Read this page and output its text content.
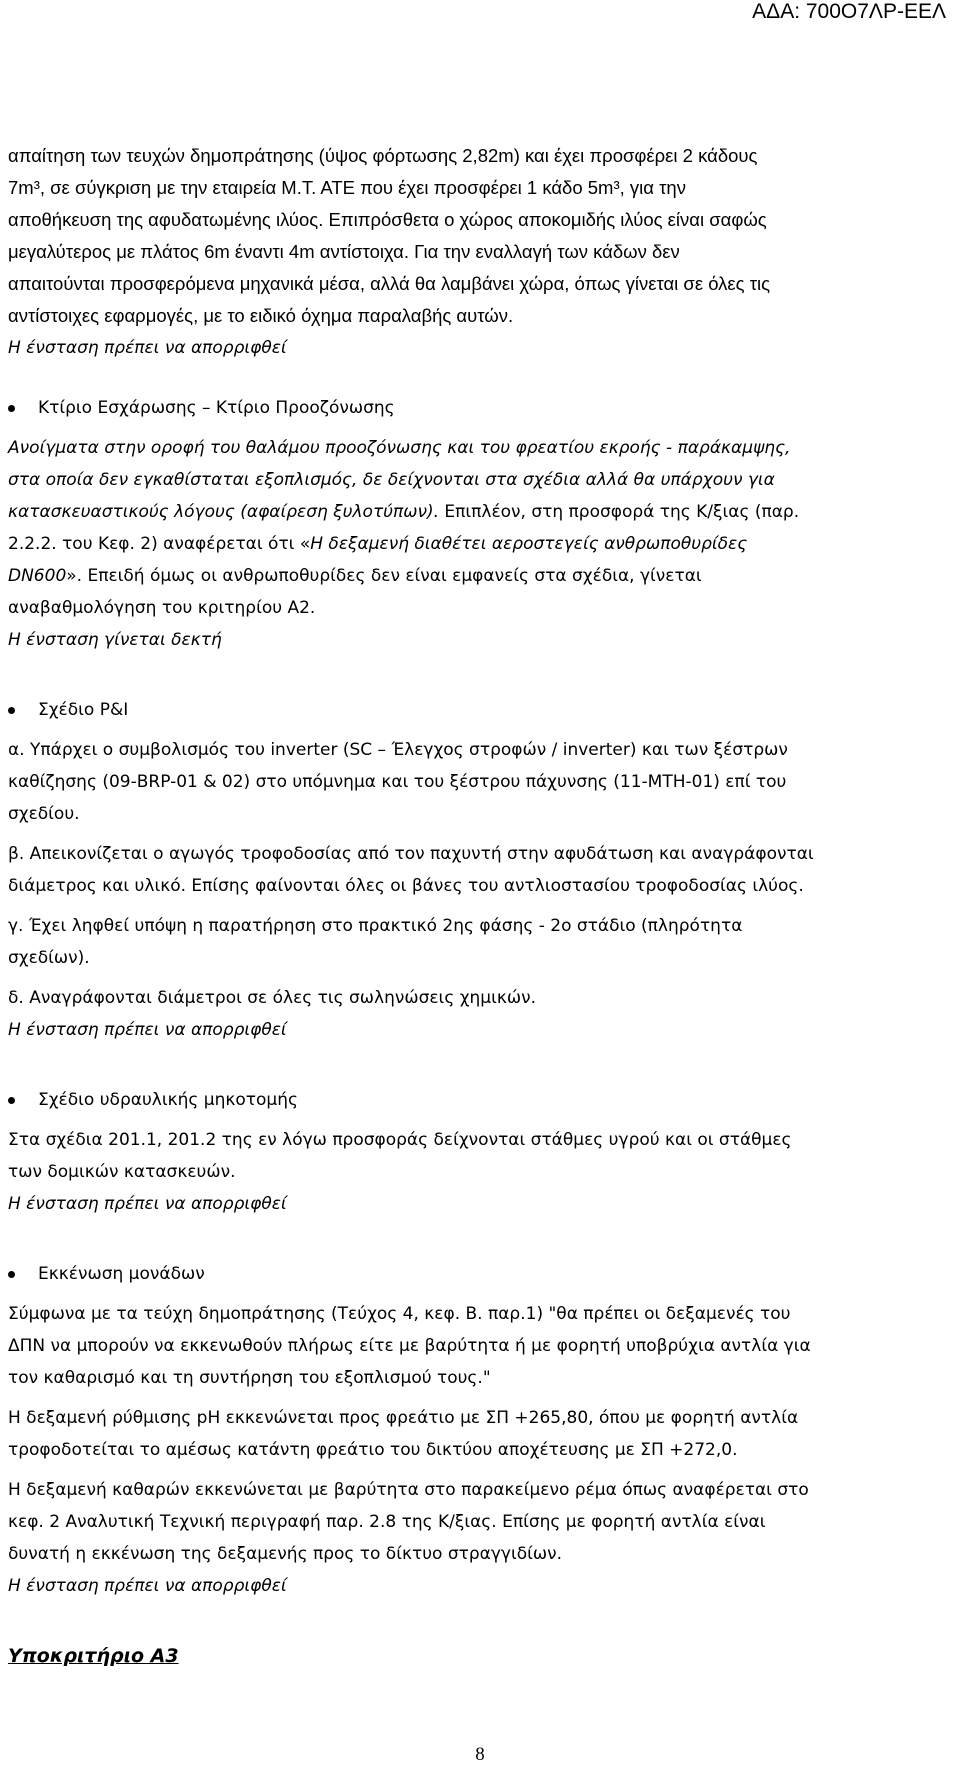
ΑΔΑ: 700Ο7ΛΡ-ΕΕΛ

απαίτηση των τευχών δημοπράτησης (ύψος φόρτωσης 2,82m) και έχει προσφέρει 2 κάδους

7m³, σε σύγκριση με την εταιρεία Μ.Τ. ΑΤΕ που έχει προσφέρει 1 κάδο 5m³, για την

αποθήκευση της αφυδατωμένης ιλύος. Επιπρόσθετα ο χώρος αποκομιδής ιλύος είναι σαφώς

μεγαλύτερος με πλάτος 6m έναντι 4m αντίστοιχα. Για την εναλλαγή των κάδων δεν

απαιτούνται προσφερόμενα μηχανικά μέσα, αλλά θα λαμβάνει χώρα, όπως γίνεται σε όλες τις

αντίστοιχες εφαρμογές, με το ειδικό όχημα παραλαβής αυτών.

Η ένσταση πρέπει να απορριφθεί

Κτίριο Εσχάρωσης – Κτίριο Προοζόνωσης

Ανοίγματα στην οροφή του θαλάμου προοζόνωσης και του φρεατίου εκροής - παράκαμψης,

στα οποία δεν εγκαθίσταται εξοπλισμός, δε δείχνονται στα σχέδια αλλά θα υπάρχουν για

κατασκευαστικούς λόγους (αφαίρεση ξυλοτύπων). Επιπλέον, στη προσφορά της Κ/ξιας (παρ.

2.2.2. του Κεφ. 2) αναφέρεται ότι «Η δεξαμενή διαθέτει αεροστεγείς ανθρωποθυρίδες

DN600». Επειδή όμως οι ανθρωποθυρίδες δεν είναι εμφανείς στα σχέδια, γίνεται

αναβαθμολόγηση του κριτηρίου Α2.

Η ένσταση γίνεται δεκτή

Σχέδιο P&I

α. Υπάρχει ο συμβολισμός του inverter (SC – Έλεγχος στροφών / inverter) και των ξέστρων

καθίζησης (09-BRP-01 & 02) στο υπόμνημα και του ξέστρου πάχυνσης (11-MTH-01) επί του

σχεδίου.

β. Απεικονίζεται ο αγωγός τροφοδοσίας από τον παχυντή στην αφυδάτωση και αναγράφονται

διάμετρος και υλικό. Επίσης φαίνονται όλες οι βάνες του αντλιοστασίου τροφοδοσίας ιλύος.

γ. Έχει ληφθεί υπόψη η παρατήρηση στο πρακτικό 2ης φάσης - 2ο στάδιο (πληρότητα

σχεδίων).

δ. Αναγράφονται διάμετροι σε όλες τις σωληνώσεις χημικών.

Η ένσταση πρέπει να απορριφθεί

Σχέδιο υδραυλικής μηκοτομής

Στα σχέδια 201.1, 201.2 της εν λόγω προσφοράς δείχνονται στάθμες υγρού και οι στάθμες

των δομικών κατασκευών.

Η ένσταση πρέπει να απορριφθεί

Εκκένωση μονάδων

Σύμφωνα με τα τεύχη δημοπράτησης (Τεύχος 4, κεφ. Β. παρ.1) "θα πρέπει οι δεξαμενές του

ΔΠΝ να μπορούν να εκκενωθούν πλήρως είτε με βαρύτητα ή με φορητή υποβρύχια αντλία για

τον καθαρισμό και τη συντήρηση του εξοπλισμού τους."

Η δεξαμενή ρύθμισης pH εκκενώνεται προς φρεάτιο με ΣΠ +265,80, όπου με φορητή αντλία

τροφοδοτείται το αμέσως κατάντη φρεάτιο του δικτύου αποχέτευσης με ΣΠ +272,0.

Η δεξαμενή καθαρών εκκενώνεται με βαρύτητα στο παρακείμενο ρέμα όπως αναφέρεται στο

κεφ. 2 Αναλυτική Τεχνική περιγραφή παρ. 2.8 της Κ/ξιας. Επίσης με φορητή αντλία είναι

δυνατή η εκκένωση της δεξαμενής προς το δίκτυο στραγγιδίων.

Η ένσταση πρέπει να απορριφθεί

Υποκριτήριο Α3

8
